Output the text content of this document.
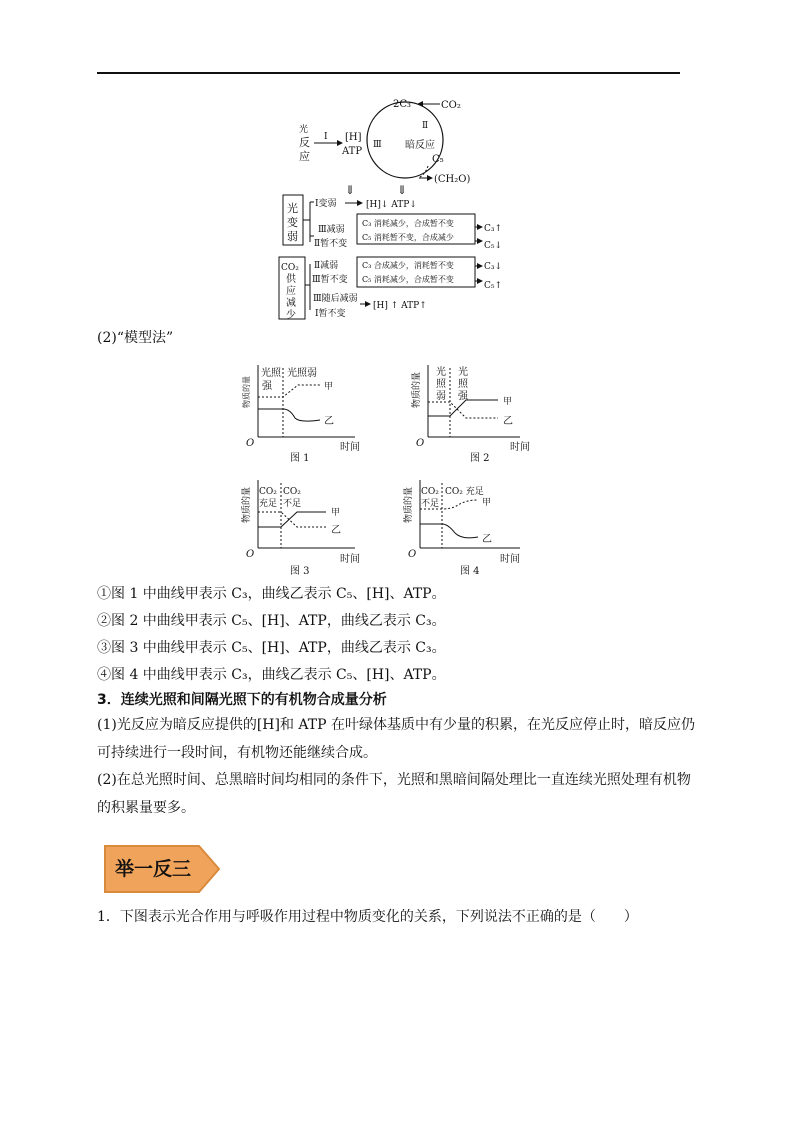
光
反
应
Ⅰ [H]
ATP
Ⅲ
2C₃	CO₂
Ⅱ
暗反应
C₅
(CH₂O)
⇓	⇓
光
变
弱
Ⅰ变弱	[H]↓ ATP↓
Ⅲ减弱
Ⅱ暂不变
C₃ 消耗减少，合成暂不变
C₅ 消耗暂不变，合成减少
C₃↑
C₅↓
CO₂
供
应
减
少
Ⅱ减弱
Ⅲ暂不变
C₃ 合成减少，消耗暂不变
C₅ 消耗减少，合成暂不变
C₃↓
C₅↑
Ⅲ随后减弱
[H] ↑ ATP↑
Ⅰ暂不变
(2)“模型法”
物质的量
O	时间
光照
强
光照弱
甲
乙
图 1
物质的量
O	时间
光
照
弱
光
照
强	甲
乙
图 2
物质的量
O	时间
CO₂
充足
CO₂
不足
甲
乙
图 3
物质的量
O	时间
CO₂
不足
CO₂ 充足
甲
乙
图 4
①图 1 中曲线甲表示 C₃，曲线乙表示 C₅、[H]、ATP。
②图 2 中曲线甲表示 C₅、[H]、ATP，曲线乙表示 C₃。
③图 3 中曲线甲表示 C₅、[H]、ATP，曲线乙表示 C₃。
④图 4 中曲线甲表示 C₃，曲线乙表示 C₅、[H]、ATP。
3．连续光照和间隔光照下的有机物合成量分析
(1)光反应为暗反应提供的[H]和 ATP 在叶绿体基质中有少量的积累，在光反应停止时，暗反应仍可持续进行一段时间，有机物还能继续合成。
(2)在总光照时间、总黑暗时间均相同的条件下，光照和黑暗间隔处理比一直连续光照处理有机物的积累量要多。
举一反三
1．下图表示光合作用与呼吸作用过程中物质变化的关系，下列说法不正确的是（　　）
